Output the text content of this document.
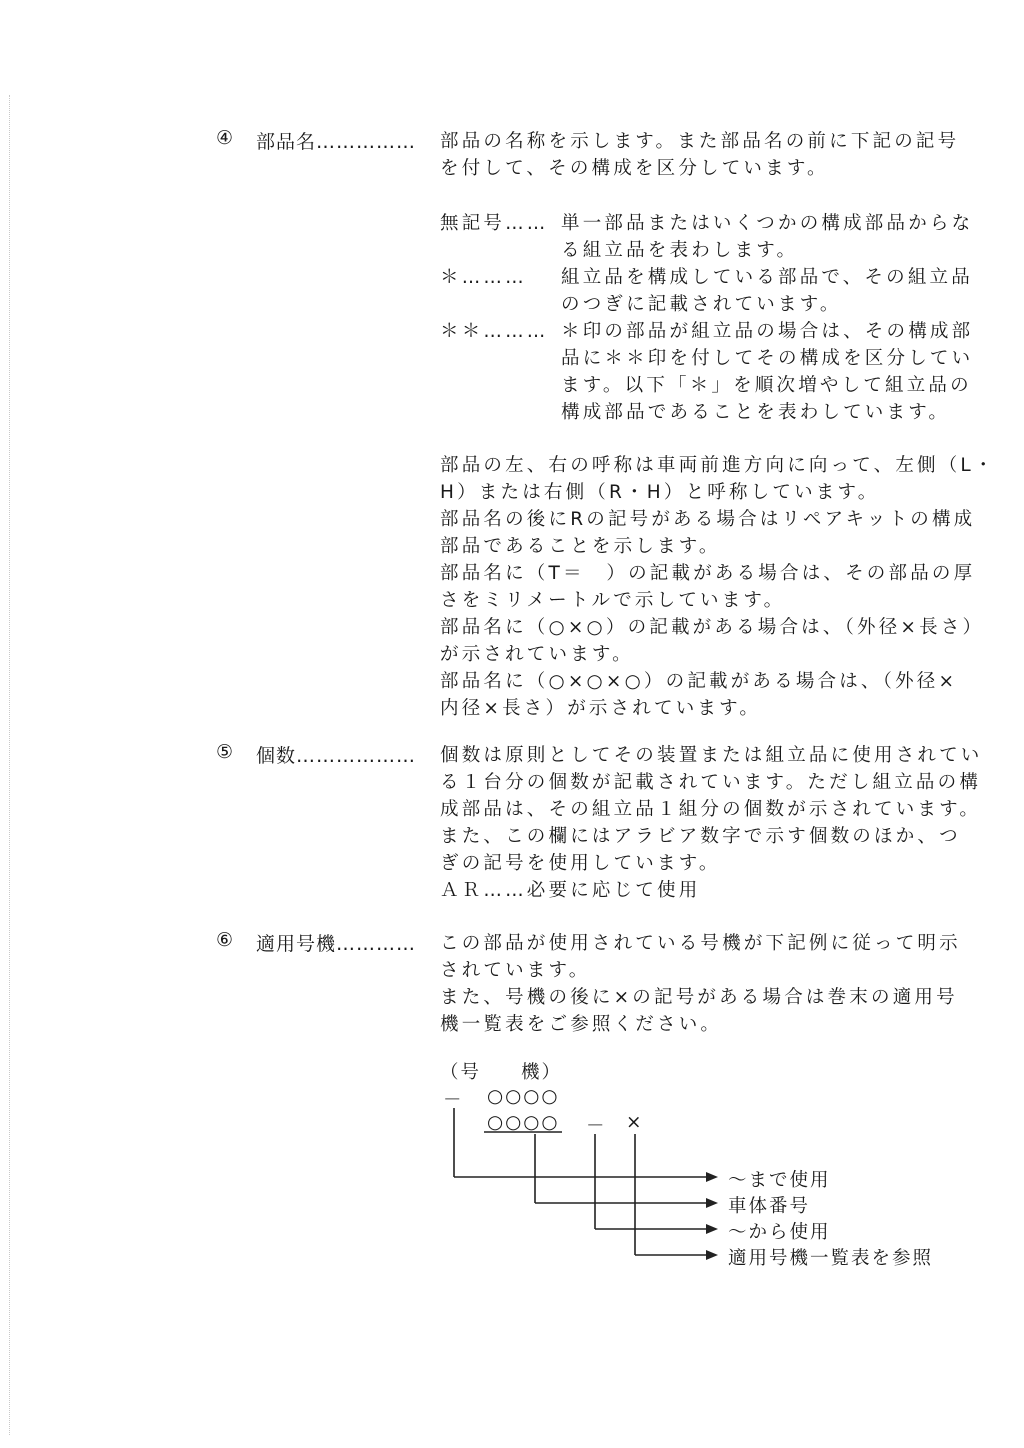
④ 部品名…………… 部品の名称を示します。また部品名の前に下記の記号
を付して、その構成を区分しています。
無記号…… 単一部品またはいくつかの構成部品からな
る組立品を表わします。
＊……… 組立品を構成している部品で、その組立品
のつぎに記載されています。
＊＊……… ＊印の部品が組立品の場合は、その構成部
品に＊＊印を付してその構成を区分してい
ます。以下「＊」を順次増やして組立品の
構成部品であることを表わしています。
部品の左、右の呼称は車両前進方向に向って、左側（L・
H）または右側（R・H）と呼称しています。
部品名の後にRの記号がある場合はリペアキットの構成
部品であることを示します。
部品名に（T＝　）の記載がある場合は、その部品の厚
さをミリメートルで示しています。
部品名に（○×○）の記載がある場合は、（外径×長さ）
が示されています。
部品名に（○×○×○）の記載がある場合は、（外径×
内径×長さ）が示されています。
⑤ 個数……………… 個数は原則としてその装置または組立品に使用されてい
る１台分の個数が記載されています。ただし組立品の構
成部品は、その組立品１組分の個数が示されています。
また、この欄にはアラビア数字で示す個数のほか、つ
ぎの記号を使用しています。
ＡＲ……必要に応じて使用
⑥ 適用号機………… この部品が使用されている号機が下記例に従って明示
されています。
また、号機の後に×の記号がある場合は巻末の適用号
機一覧表をご参照ください。
（号 機）
－ ○○○○
○○○○ － ×
～まで使用
車体番号
～から使用
適用号機一覧表を参照
